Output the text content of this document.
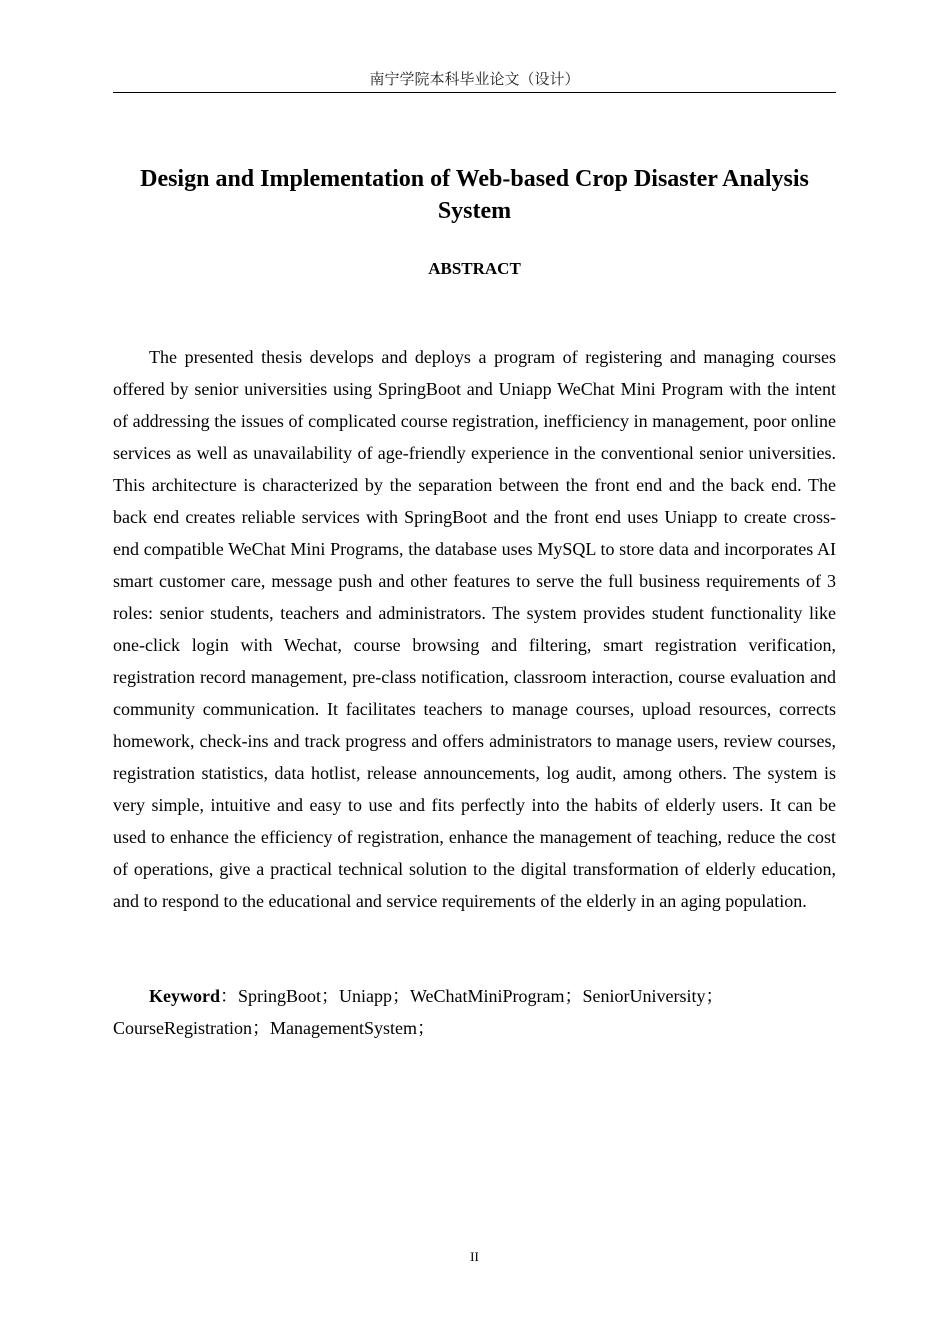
南宁学院本科毕业论文（设计）
Design and Implementation of Web-based Crop Disaster Analysis System
ABSTRACT

The presented thesis develops and deploys a program of registering and managing courses offered by senior universities using SpringBoot and Uniapp WeChat Mini Program with the intent of addressing the issues of complicated course registration, inefficiency in management, poor online services as well as unavailability of age-friendly experience in the conventional senior universities. This architecture is characterized by the separation between the front end and the back end. The back end creates reliable services with SpringBoot and the front end uses Uniapp to create cross-end compatible WeChat Mini Programs, the database uses MySQL to store data and incorporates AI smart customer care, message push and other features to serve the full business requirements of 3 roles: senior students, teachers and administrators. The system provides student functionality like one-click login with Wechat, course browsing and filtering, smart registration verification, registration record management, pre-class notification, classroom interaction, course evaluation and community communication. It facilitates teachers to manage courses, upload resources, corrects homework, check-ins and track progress and offers administrators to manage users, review courses, registration statistics, data hotlist, release announcements, log audit, among others. The system is very simple, intuitive and easy to use and fits perfectly into the habits of elderly users. It can be used to enhance the efficiency of registration, enhance the management of teaching, reduce the cost of operations, give a practical technical solution to the digital transformation of elderly education, and to respond to the educational and service requirements of the elderly in an aging population.

Keyword：SpringBoot；Uniapp；WeChatMiniProgram；SeniorUniversity；CourseRegistration；ManagementSystem；

II
